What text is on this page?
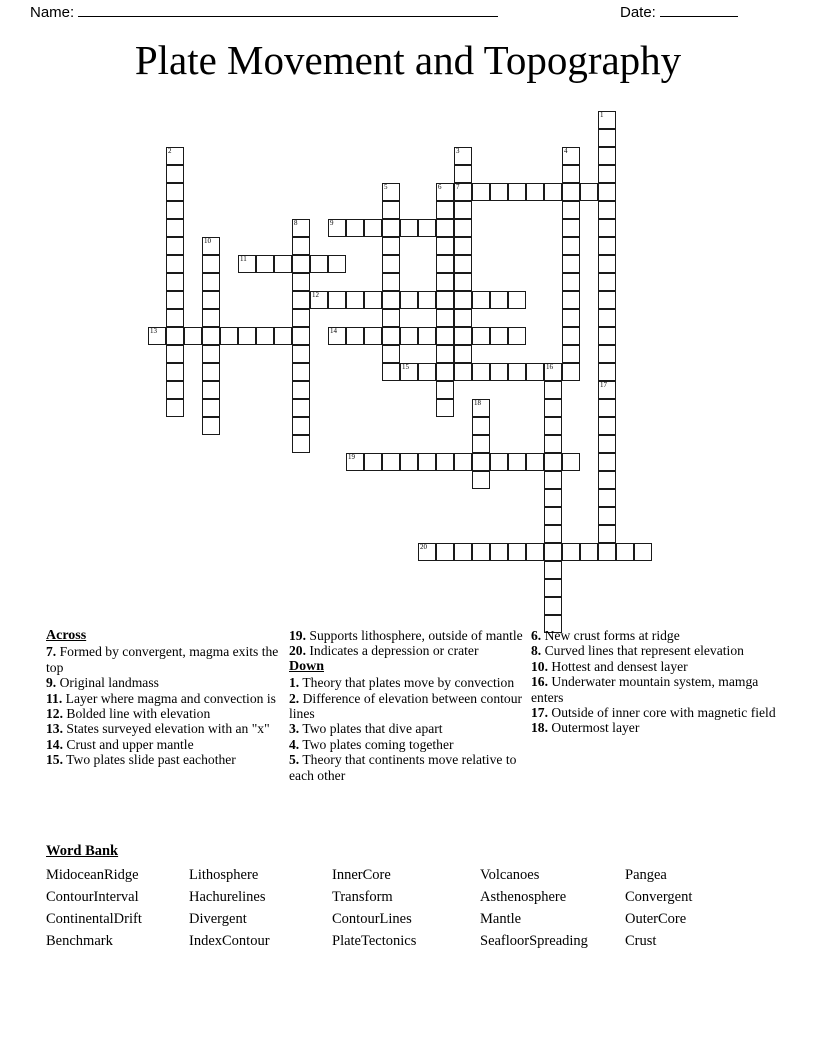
Name:	Date:
Plate Movement and Topography
1
17
2	3
7
4
5	6
8	9
10
11
12
13	14
15	16
18
19
20
Across
7. Formed by convergent, magma exits the top
9. Original landmass
11. Layer where magma and convection is
12. Bolded line with elevation
13. States surveyed elevation with an "x"
14. Crust and upper mantle
15. Two plates slide past eachother
19. Supports lithosphere, outside of mantle
20. Indicates a depression or crater
Down
1. Theory that plates move by convection
2. Difference of elevation between contour lines
3. Two plates that dive apart
4. Two plates coming together
5. Theory that continents move relative to each other
6. New crust forms at ridge
8. Curved lines that represent elevation
10. Hottest and densest layer
16. Underwater mountain system, mamga enters
17. Outside of inner core with magnetic field
18. Outermost layer
Word Bank
MidoceanRidge	Lithosphere	InnerCore	Volcanoes	Pangea
ContourInterval	Hachurelines	Transform	Asthenosphere	Convergent
ContinentalDrift	Divergent	ContourLines	Mantle	OuterCore
Benchmark	IndexContour	PlateTectonics	SeafloorSpreading	Crust
